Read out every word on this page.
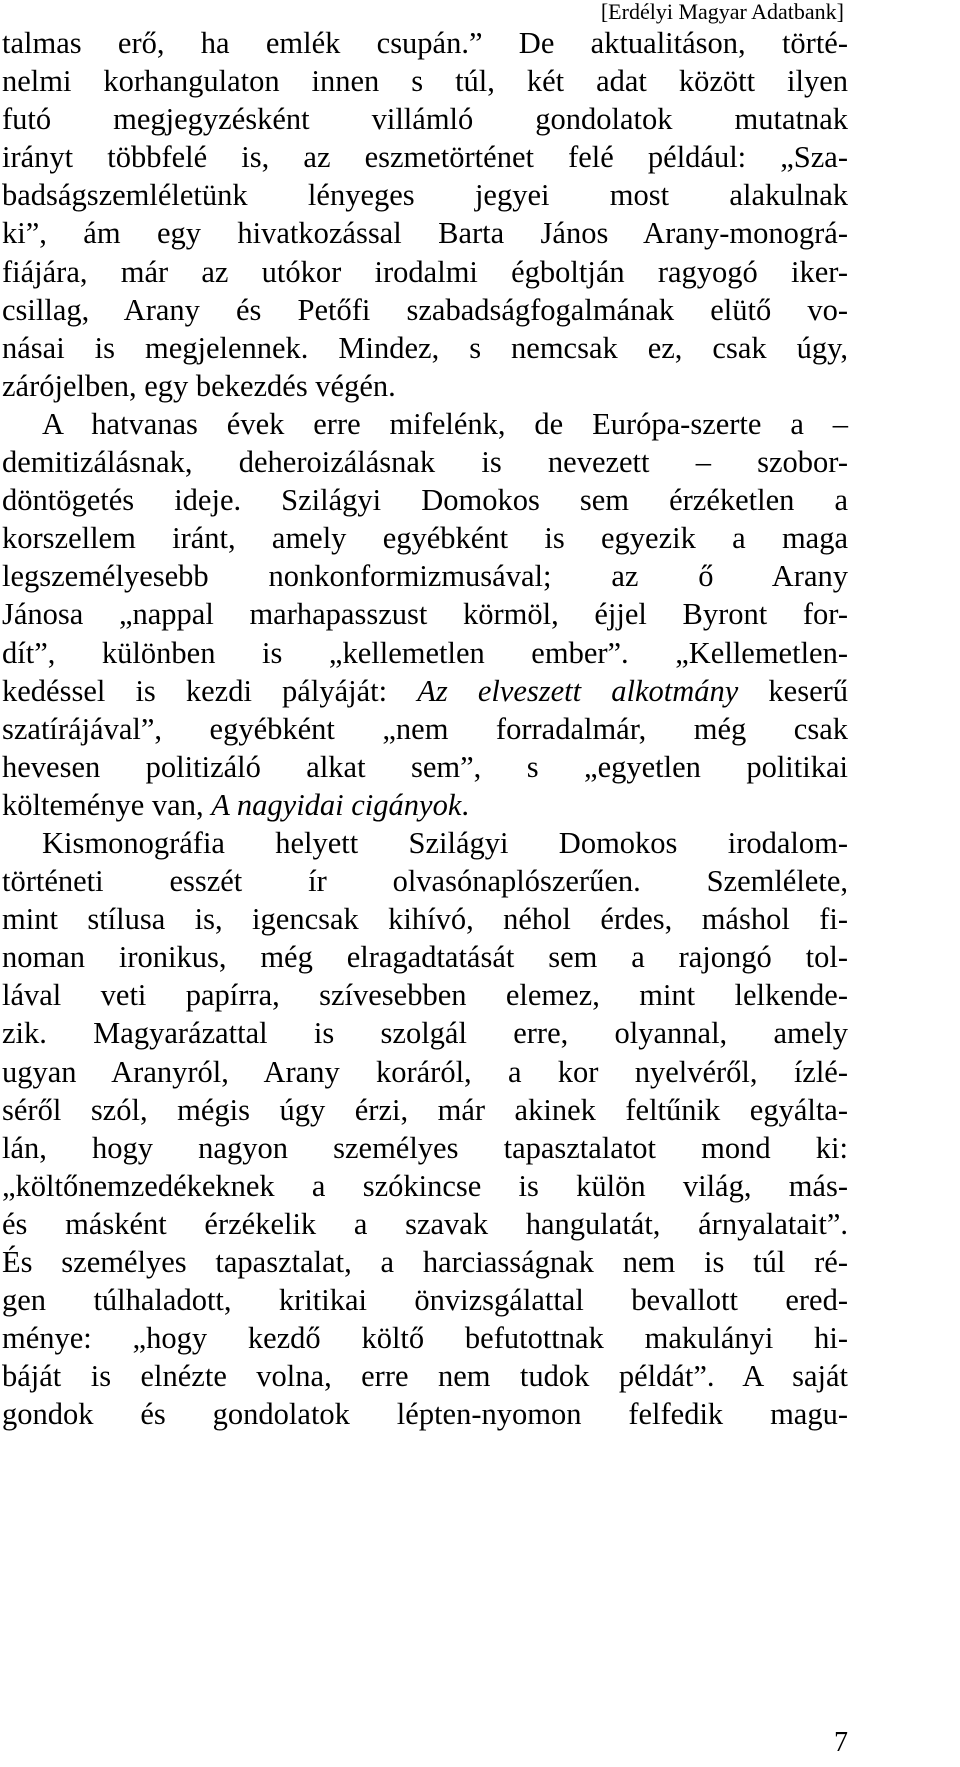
[Erdélyi Magyar Adatbank]
talmas erő, ha emlék csupán.” De aktualitáson, törté-
nelmi korhangulaton innen s túl, két adat között ilyen
futó megjegyzésként villámló gondolatok mutatnak
irányt többfelé is, az eszmetörténet felé például: „Sza-
badságszemléletünk lényeges jegyei most alakulnak
ki”, ám egy hivatkozással Barta János Arany-monográ-
fiájára, már az utókor irodalmi égboltján ragyogó iker-
csillag, Arany és Petőfi szabadságfogalmának elütő vo-
násai is megjelennek. Mindez, s nemcsak ez, csak úgy,
zárójelben, egy bekezdés végén.
A hatvanas évek erre mifelénk, de Európa-szerte a –
demitizálásnak, deheroizálásnak is nevezett – szobor-
döntögetés ideje. Szilágyi Domokos sem érzéketlen a
korszellem iránt, amely egyébként is egyezik a maga
legszemélyesebb nonkonformizmusával; az ő Arany
Jánosa „nappal marhapasszust körmöl, éjjel Byront for-
dít”, különben is „kellemetlen ember”. „Kellemetlen-
kedéssel is kezdi pályáját: Az elveszett alkotmány keserű
szatírájával”, egyébként „nem forradalmár, még csak
hevesen politizáló alkat sem”, s „egyetlen politikai
költeménye van, A nagyidai cigányok.
Kismonográfia helyett Szilágyi Domokos irodalom-
történeti esszét ír olvasónaplószerűen. Szemlélete,
mint stílusa is, igencsak kihívó, néhol érdes, máshol fi-
noman ironikus, még elragadtatását sem a rajongó tol-
lával veti papírra, szívesebben elemez, mint lelkende-
zik. Magyarázattal is szolgál erre, olyannal, amely
ugyan Aranyról, Arany koráról, a kor nyelvéről, ízlé-
séről szól, mégis úgy érzi, már akinek feltűnik egyálta-
lán, hogy nagyon személyes tapasztalatot mond ki:
„költőnemzedékeknek a szókincse is külön világ, más-
és másként érzékelik a szavak hangulatát, árnyalatait”.
És személyes tapasztalat, a harciasságnak nem is túl ré-
gen túlhaladott, kritikai önvizsgálattal bevallott ered-
ménye: „hogy kezdő költő befutottnak makulányi hi-
báját is elnézte volna, erre nem tudok példát”. A saját
gondok és gondolatok lépten-nyomon felfedik magu-
7
